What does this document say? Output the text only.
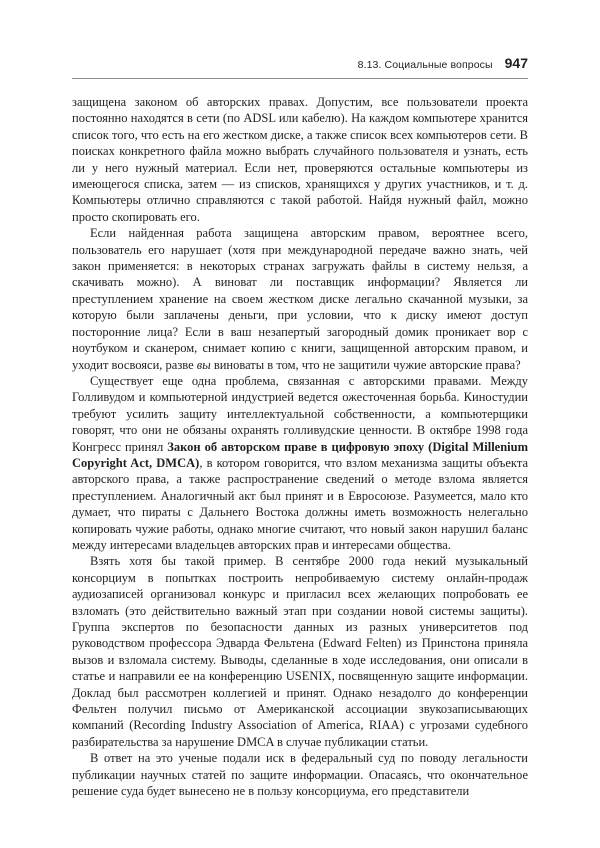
8.13. Социальные вопросы 947

защищена законом об авторских правах. Допустим, все пользователи проекта постоянно находятся в сети (по ADSL или кабелю). На каждом компьютере хранится список того, что есть на его жестком диске, а также список всех компьютеров сети. В поисках конкретного файла можно выбрать случайного пользователя и узнать, есть ли у него нужный материал. Если нет, проверяются остальные компьютеры из имеющегося списка, затем — из списков, хранящихся у других участников, и т. д. Компьютеры отлично справляются с такой работой. Найдя нужный файл, можно просто скопировать его.

Если найденная работа защищена авторским правом, вероятнее всего, пользователь его нарушает (хотя при международной передаче важно знать, чей закон применяется: в некоторых странах загружать файлы в систему нельзя, а скачивать можно). А виноват ли поставщик информации? Является ли преступлением хранение на своем жестком диске легально скачанной музыки, за которую были заплачены деньги, при условии, что к диску имеют доступ посторонние лица? Если в ваш незапертый загородный домик проникает вор с ноутбуком и сканером, снимает копию с книги, защищенной авторским правом, и уходит восвояси, разве вы виноваты в том, что не защитили чужие авторские права?

Существует еще одна проблема, связанная с авторскими правами. Между Голливудом и компьютерной индустрией ведется ожесточенная борьба. Киностудии требуют усилить защиту интеллектуальной собственности, а компьютерщики говорят, что они не обязаны охранять голливудские ценности. В октябре 1998 года Конгресс принял Закон об авторском праве в цифровую эпоху (Digital Millenium Copyright Act, DMCA), в котором говорится, что взлом механизма защиты объекта авторского права, а также распространение сведений о методе взлома является преступлением. Аналогичный акт был принят и в Евросоюзе. Разумеется, мало кто думает, что пираты с Дальнего Востока должны иметь возможность нелегально копировать чужие работы, однако многие считают, что новый закон нарушил баланс между интересами владельцев авторских прав и интересами общества.

Взять хотя бы такой пример. В сентябре 2000 года некий музыкальный консорциум в попытках построить непробиваемую систему онлайн-продаж аудиозаписей организовал конкурс и пригласил всех желающих попробовать ее взломать (это действительно важный этап при создании новой системы защиты). Группа экспертов по безопасности данных из разных университетов под руководством профессора Эдварда Фельтена (Edward Felten) из Принстона приняла вызов и взломала систему. Выводы, сделанные в ходе исследования, они описали в статье и направили ее на конференцию USENIX, посвященную защите информации. Доклад был рассмотрен коллегией и принят. Однако незадолго до конференции Фельтен получил письмо от Американской ассоциации звукозаписывающих компаний (Recording Industry Association of America, RIAA) с угрозами судебного разбирательства за нарушение DMCA в случае публикации статьи.

В ответ на это ученые подали иск в федеральный суд по поводу легальности публикации научных статей по защите информации. Опасаясь, что окончательное решение суда будет вынесено не в пользу консорциума, его представители
